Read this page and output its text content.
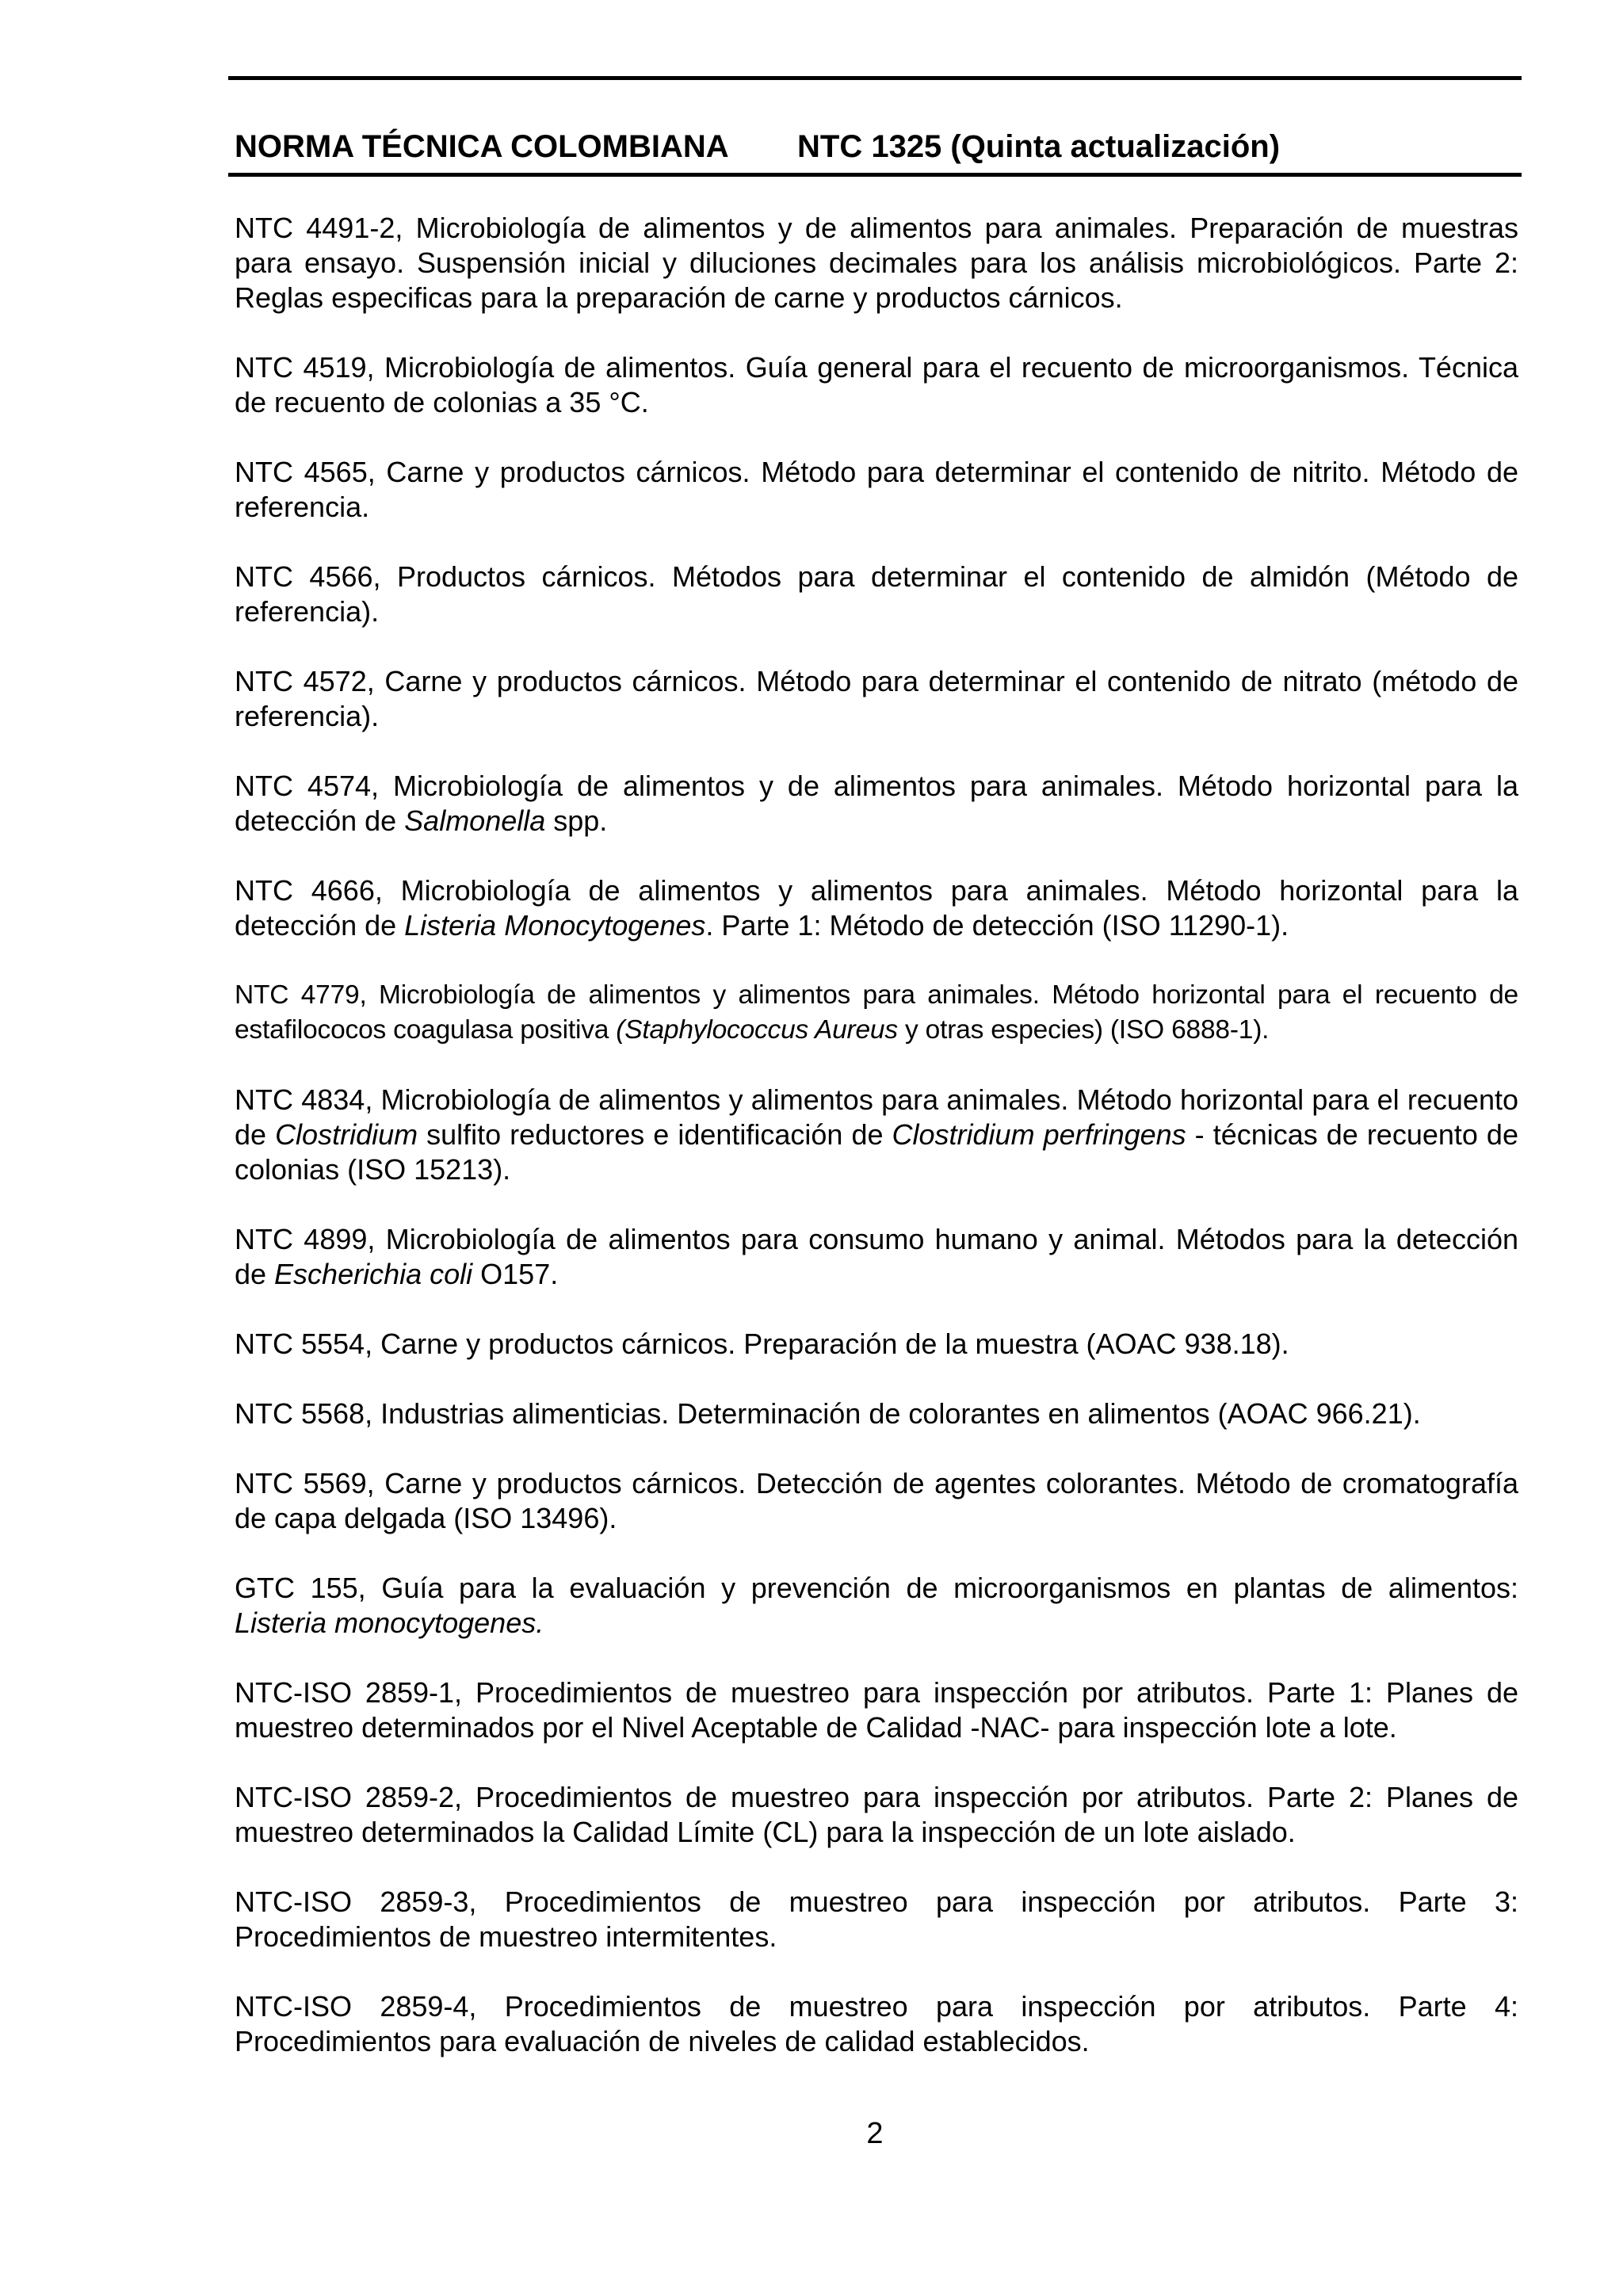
NORMA TÉCNICA COLOMBIANA NTC 1325 (Quinta actualización)

NTC 4491-2, Microbiología de alimentos y de alimentos para animales. Preparación de muestras para ensayo. Suspensión inicial y diluciones decimales para los análisis microbiológicos. Parte 2: Reglas especificas para la preparación de carne y productos cárnicos.

NTC 4519, Microbiología de alimentos. Guía general para el recuento de microorganismos. Técnica de recuento de colonias a 35 °C.

NTC 4565, Carne y productos cárnicos. Método para determinar el contenido de nitrito. Método de referencia.

NTC 4566, Productos cárnicos. Métodos para determinar el contenido de almidón (Método de referencia).

NTC 4572, Carne y productos cárnicos. Método para determinar el contenido de nitrato (método de referencia).

NTC 4574, Microbiología de alimentos y de alimentos para animales. Método horizontal para la detección de Salmonella spp.

NTC 4666, Microbiología de alimentos y alimentos para animales. Método horizontal para la detección de Listeria Monocytogenes. Parte 1: Método de detección (ISO 11290-1).

NTC 4779, Microbiología de alimentos y alimentos para animales. Método horizontal para el recuento de estafilococos coagulasa positiva (Staphylococcus Aureus y otras especies) (ISO 6888-1).

NTC 4834, Microbiología de alimentos y alimentos para animales. Método horizontal para el recuento de Clostridium sulfito reductores e identificación de Clostridium perfringens - técnicas de recuento de colonias (ISO 15213).

NTC 4899, Microbiología de alimentos para consumo humano y animal. Métodos para la detección de Escherichia coli O157.

NTC 5554, Carne y productos cárnicos. Preparación de la muestra (AOAC 938.18).

NTC 5568, Industrias alimenticias. Determinación de colorantes en alimentos (AOAC 966.21).

NTC 5569, Carne y productos cárnicos. Detección de agentes colorantes. Método de cromatografía de capa delgada (ISO 13496).

GTC 155, Guía para la evaluación y prevención de microorganismos en plantas de alimentos: Listeria monocytogenes.

NTC-ISO 2859-1, Procedimientos de muestreo para inspección por atributos. Parte 1: Planes de muestreo determinados por el Nivel Aceptable de Calidad -NAC- para inspección lote a lote.

NTC-ISO 2859-2, Procedimientos de muestreo para inspección por atributos. Parte 2: Planes de muestreo determinados la Calidad Límite (CL) para la inspección de un lote aislado.

NTC-ISO 2859-3, Procedimientos de muestreo para inspección por atributos. Parte 3: Procedimientos de muestreo intermitentes.

NTC-ISO 2859-4, Procedimientos de muestreo para inspección por atributos. Parte 4: Procedimientos para evaluación de niveles de calidad establecidos.

2
